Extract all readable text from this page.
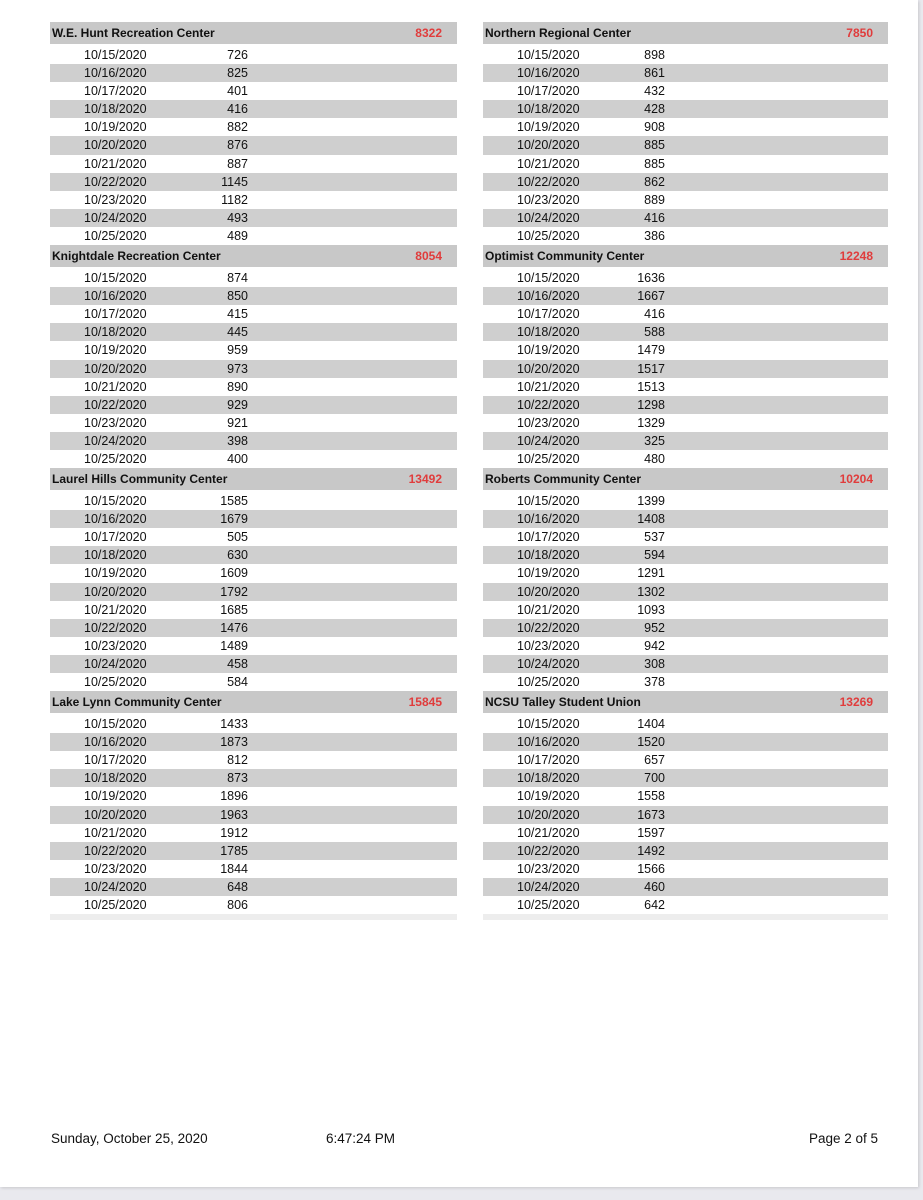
W.E. Hunt Recreation Center	8322
10/15/2020	726
10/16/2020	825
10/17/2020	401
10/18/2020	416
10/19/2020	882
10/20/2020	876
10/21/2020	887
10/22/2020	1145
10/23/2020	1182
10/24/2020	493
10/25/2020	489
Knightdale Recreation Center	8054
10/15/2020	874
10/16/2020	850
10/17/2020	415
10/18/2020	445
10/19/2020	959
10/20/2020	973
10/21/2020	890
10/22/2020	929
10/23/2020	921
10/24/2020	398
10/25/2020	400
Laurel Hills Community Center	13492
10/15/2020	1585
10/16/2020	1679
10/17/2020	505
10/18/2020	630
10/19/2020	1609
10/20/2020	1792
10/21/2020	1685
10/22/2020	1476
10/23/2020	1489
10/24/2020	458
10/25/2020	584
Lake Lynn Community Center	15845
10/15/2020	1433
10/16/2020	1873
10/17/2020	812
10/18/2020	873
10/19/2020	1896
10/20/2020	1963
10/21/2020	1912
10/22/2020	1785
10/23/2020	1844
10/24/2020	648
10/25/2020	806
Northern Regional Center	7850
10/15/2020	898
10/16/2020	861
10/17/2020	432
10/18/2020	428
10/19/2020	908
10/20/2020	885
10/21/2020	885
10/22/2020	862
10/23/2020	889
10/24/2020	416
10/25/2020	386
Optimist Community Center	12248
10/15/2020	1636
10/16/2020	1667
10/17/2020	416
10/18/2020	588
10/19/2020	1479
10/20/2020	1517
10/21/2020	1513
10/22/2020	1298
10/23/2020	1329
10/24/2020	325
10/25/2020	480
Roberts Community Center	10204
10/15/2020	1399
10/16/2020	1408
10/17/2020	537
10/18/2020	594
10/19/2020	1291
10/20/2020	1302
10/21/2020	1093
10/22/2020	952
10/23/2020	942
10/24/2020	308
10/25/2020	378
NCSU Talley Student Union	13269
10/15/2020	1404
10/16/2020	1520
10/17/2020	657
10/18/2020	700
10/19/2020	1558
10/20/2020	1673
10/21/2020	1597
10/22/2020	1492
10/23/2020	1566
10/24/2020	460
10/25/2020	642
Sunday, October 25, 2020	6:47:24 PM	Page 2 of 5
